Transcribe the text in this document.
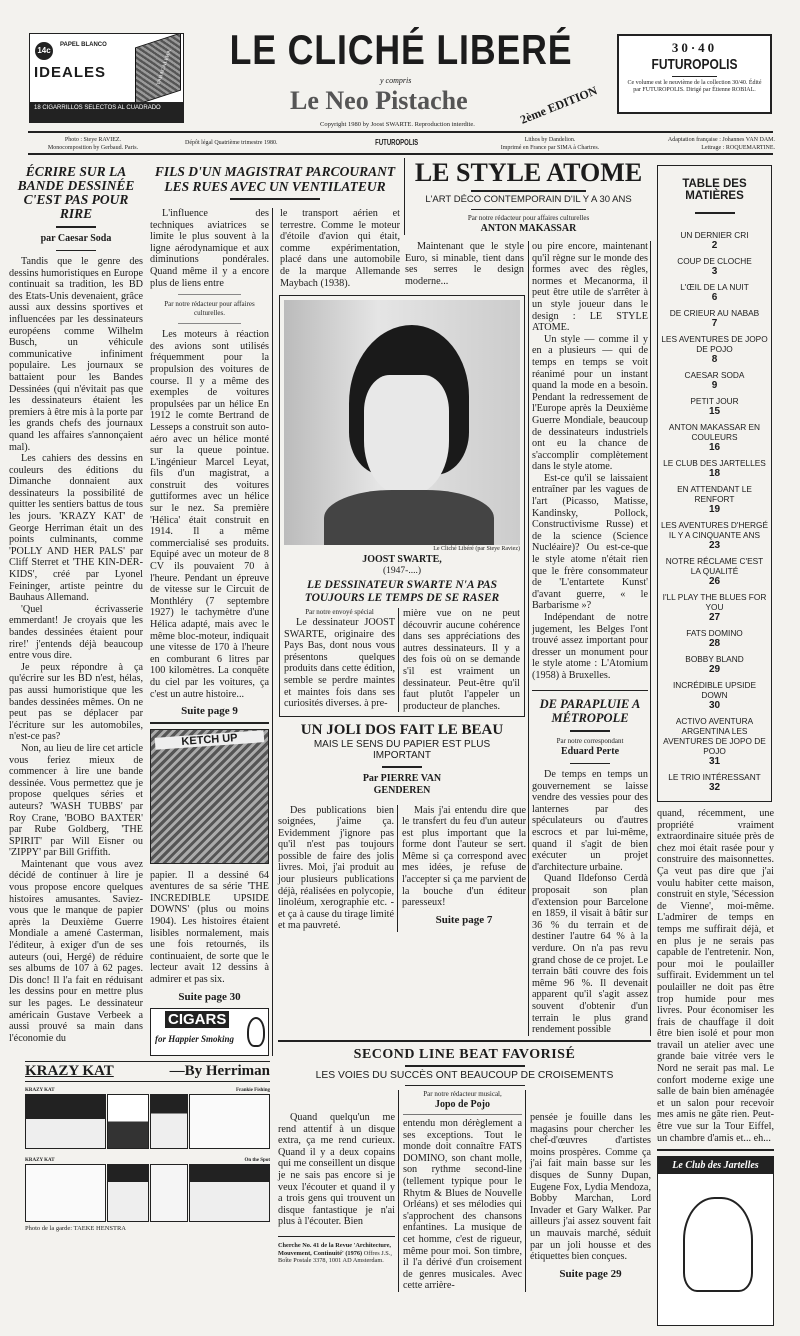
14c
PAPEL BLANCO
IDEALES	TABACALERA
18 CIGARRILLOS SELECTOS AL CUADRADO
LE CLICHÉ LIBERÉ
y compris
Le Neo Pistache	2ème EDITION
Copyright 1980 by Joost SWARTE. Reproduction interdite.
30·40
FUTUROPOLIS
Ce volume est le neuvième de la collection 30/40. Édité par FUTUROPOLIS. Dirigé par Étienne ROBIAL.
Photo : Steye RAVIEZ.
Monocomposition by Gerbaud. Paris.
Dépôt légal Quatrième trimestre 1980.	FUTUROPOLIS	Lithos by Dandelion.
Imprimé en France par SIMA à Chartres.
Adaptation française : Johannes VAN DAM.
Lettrage : ROQUEMARTINE.
ÉCRIRE SUR LA BANDE DESSINÉE C'EST PAS POUR RIRE
par Caesar Soda

Tandis que le genre des dessins humoristiques en Europe continuait sa tradition, les BD des Etats-Unis devenaient, grâce aussi aux dessins sportives et influencées par les dessinateurs européens comme Wilhelm Busch, un véhicule communicative infiniment populaire. Les journaux se battaient pour les Bandes Dessinées (qui n'évitait pas que les dessinateurs étaient les premiers à être mis à la porte par les grands chefs des journaux quand les affaires s'annonçaient mal).

Les cahiers des dessins en couleurs des éditions du Dimanche donnaient aux dessinateurs la possibilité de quitter les sentiers battus de tous les jours. 'KRAZY KAT' de George Herriman était un des points culminants, comme 'POLLY AND HER PALS' par Cliff Sterret et 'THE KIN-DER-KIDS', créé par Lyonel Feininger, artiste peintre du Bauhaus Allemand.

'Quel écrivasserie emmerdant! Je croyais que les bandes dessinées étaient pour rire!' j'entends déjà beaucoup entre vous dire.

Je peux répondre à ça qu'écrire sur les BD n'est, hélas, pas aussi humoristique que les bandes dessinées mêmes. On ne peut pas se déplacer par l'écriture sur les automobiles, n'est-ce pas?

Non, au lieu de lire cet article vous feriez mieux de commencer à lire une bande dessinée. Vous permettez que je propose quelques séries et auteurs? 'WASH TUBBS' par Roy Crane, 'BOBO BAXTER' par Rube Goldberg, 'THE SPIRIT' par Will Eisner ou 'ZIPPY' par Bill Griffith.

Maintenant que vous avez décidé de continuer à lire je vous propose encore quelques histoires amusantes. Saviez-vous que le manque de papier après la Deuxième Guerre Mondiale a amené Casterman, l'éditeur, à exiger d'un de ses auteurs (oui, Hergé) de réduire ses albums de 107 à 62 pages. Dis donc! Il l'a fait en réduisant les dessins pour en mettre plus sur les pages. Le dessinateur américain Gustave Verbeek a aussi prouvé sa main dans l'économie du

FILS D'UN MAGISTRAT PARCOURANT LES RUES AVEC UN VENTILATEUR
L'influence des techniques aviatrices se limite le plus souvent à la ligne aérodynamique et aux diminutions pondérales. Quand même il y a encore plus de liens entre
Par notre rédacteur pour affaires culturelles.
Les moteurs à réaction des avions sont utilisés fréquemment pour la propulsion des voitures de course. Il y a même des exemples de voitures propulsées par un hélice En 1912 le comte Bertrand de Lesseps a construit son auto-aéro avec un hélice monté sur la queue pointue. L'ingénieur Marcel Leyat, fils d'un magistrat, a construit des voitures guttiformes avec un hélice sur le nez. Sa première 'Hélica' était construit en 1914. Il a même commercialisé ses produits. Equipé avec un moteur de 8 CV ils pouvaient 70 à l'heure. Pendant un épreuve de vitesse sur le Circuit de Monthléry (7 septembre 1927) le tachymètre d'une Hélica adapté, mais avec le même bloc-moteur, indiquait une vitesse de 170 à l'heure en comburant 6 litres par 100 kilomètres. La conquête du ciel par les voitures, ça c'est un autre histoire...
Suite page 9
KETCH UP
papier. Il a dessiné 64 aventures de sa série 'THE INCREDIBLE UPSIDE DOWNS' (plus ou moins 1904). Les histoires étaient lisibles normalement, mais une fois retournés, ils continuaient, de sorte que le lecteur avait 12 dessins à admirer et pas six.
Suite page 30
CIGARS
for Happier Smoking
le transport aérien et terrestre. Comme le moteur d'étoile d'avion qui était, comme expérimentation, placé dans une automobile de la marque Allemande Maybach (1938).
LE STYLE ATOME
L'ART DÉCO CONTEMPORAIN D'IL Y A 30 ANS
Par notre rédacteur pour affaires culturelles
ANTON MAKASSAR
Maintenant que le style Euro, si minable, tient dans ses serres le design moderne...

ou pire encore, maintenant qu'il règne sur le monde des formes avec des règles, normes et Mecanorma, il peut être utile de s'arrêter à un style joueur dans le design : LE STYLE ATOME.

Un style — comme il y en a plusieurs — qui de temps en temps se voit réanimé pour un instant quand la mode en a besoin. Pendant la redressement de l'Europe après la Deuxième Guerre Mondiale, beaucoup de dessinateurs industriels ont eu la chance de s'accomplir complètement dans le style atome.

Est-ce qu'il se laissaient entraîner par les vagues de l'art (Picasso, Matisse, Kandinsky, Pollock, Constructivisme Russe) et de la science (Science Nucléaire)? Ou est-ce-que le style atome n'était rien que le frère consommateur de 'L'entartete Kunst' d'avant guerre, « le Barbarisme »?

Indépendant de notre jugement, les Belges l'ont trouvé assez important pour dresser un monument pour le style atome : L'Atomium (1958) à Bruxelles.

DE PARAPLUIE A MÉTROPOLE
Par notre correspondant
Eduard Perte

De temps en temps un gouvernement se laisse vendre des vessies pour des lanternes par des spéculateurs ou d'autres escrocs et par lui-même, quand il s'agit de bien exécuter un projet d'architecture urbaine.

Quand Ildefonso Cerdà proposait son plan d'extension pour Barcelone en 1859, il visait à bâtir sur 36 % du terrain et de destiner l'autre 64 % à la verdure. On n'a pas revu grand chose de ce projet. Le terrain bâti couvre des fois même 96 %. Il devenait apparent qu'il s'agit assez souvent d'obtenir d'un terrain le plus grand rendement possible

Le Cliché Libéré (par Steye Raviez)
JOOST SWARTE,
(1947-....)
LE DESSINATEUR SWARTE N'A PAS TOUJOURS LE TEMPS DE SE RASER
Par notre envoyé spécial
Le dessinateur JOOST SWARTE, originaire des Pays Bas, dont nous vous présentons quelques produits dans cette édition, semble se perdre maintes et maintes fois dans ses curiosités diverses. à pre-
mière vue on ne peut découvrir aucune cohérence dans ses appréciations des autres dessinateurs. Il y a des fois où on se demande s'il est vraiment un dessinateur. Peut-être qu'il faut plutôt l'appeler un producteur de planches.
UN JOLI DOS FAIT LE BEAU
MAIS LE SENS DU PAPIER EST PLUS IMPORTANT
Par PIERRE VAN GENDEREN
Des publications bien soignées, j'aime ça. Evidemment j'ignore pas qu'il n'est pas toujours possible de faire des jolis livres. Moi, j'ai produit au jour plusieurs publications déjà, réalisées en polycopie, linoléum, xerographie etc. - et ça à cause du tirage limité et ma pauvreté.
Mais j'ai entendu dire que le transfert du feu d'un auteur est plus important que la forme dont l'auteur se sert. Même si ça correspond avec mes idées, je refuse de l'accepter si ça me parvient de la bouche d'un éditeur paresseux!
Suite page 7
TABLE DES MATIÈRES
UN DERNIER CRI
2
COUP DE CLOCHE
3
L'ŒIL DE LA NUIT
6
DE CRIEUR AU NABAB
7
LES AVENTURES DE JOPO DE POJO
8
CAESAR SODA
9
PETIT JOUR
15
ANTON MAKASSAR EN COULEURS
16
LE CLUB DES JARTELLES
18
EN ATTENDANT LE RENFORT
19
LES AVENTURES D'HERGÉ IL Y A CINQUANTE ANS
23
NOTRE RÉCLAME C'EST LA QUALITÉ
26
I'LL PLAY THE BLUES FOR YOU
27
FATS DOMINO
28
BOBBY BLAND
29
INCRÉDIBLE UPSIDE DOWN
30
ACTIVO AVENTURA ARGENTINA LES AVENTURES DE JOPO DE POJO
31
LE TRIO INTÉRESSANT
32
quand, récemment, une propriété vraiment extraordinaire située près de chez moi était rasée pour y construire des maisonnettes. Ça veut pas dire que j'ai voulu habiter cette maison, construit en style, 'Sécession de Vienne', moi-même. L'admirer de temps en temps me suffirait déjà, et en plus je ne serais pas capable de l'entretenir. Non, pour moi le poulailler suffirait. Evidemment un tel poulailler ne doit pas être trop humide pour mes livres. Pour économiser les frais de chauffage il doit être bien isolé et pour mon travail un atelier avec une grande baie vitrée vers le Nord ne serait pas mal. Le confort moderne exige une salle de bain bien aménagée et un salon pour recevoir mes amis ne gâte rien. Peut-être vue sur la Tour Eiffel, un chambre d'amis et... eh...
Le Club des Jartelles
SECOND LINE BEAT FAVORISÉ
LES VOIES DU SUCCÈS ONT BEAUCOUP DE CROISEMENTS
Quand quelqu'un me rend attentif à un disque extra, ça me rend curieux. Quand il y a deux copains qui me conseillent un disque je ne sais pas encore si je veux l'écouter et quand il y a trois gens qui trouvent un disque fantastique je n'ai plus à l'écouter. Bien
Cherche No. 41 de la Revue 'Architecture, Mouvement, Continuité' (1976) Offres J.S., Boîte Postale 3378, 1001 AD Amsterdam.
Par notre rédacteur musical,
Jopo de Pojo
entendu mon dérèglement a ses exceptions. Tout le monde doit connaître FATS DOMINO, son chant molle, son rythme second-line (tellement typique pour le Rhytm & Blues de Nouvelle Orléans) et ses mélodies qui s'approchent des chansons enfantines. La musique de cet homme, c'est de rigueur, même pour moi. Son timbre, il l'a dérivé d'un croisement de genres musicales. Avec cette arrière-
pensée je fouille dans les magasins pour chercher les chef-d'œuvres d'artistes moins prospères. Comme ça j'ai fait main basse sur les disques de Sunny Dupan, Eugene Fox, Lydia Mendoza, Bobby Marchan, Lord Invader et Gary Walker. Par ailleurs j'ai assez souvent fait un mauvais marché, séduit par un joli housse et des étiquettes bien conçues.
Suite page 29
KRAZY KAT	—By Herriman
KRAZY KAT	Frankie Fishing
KRAZY KAT	On the Spot
Photo de la garde: TAEKE HENSTRA
